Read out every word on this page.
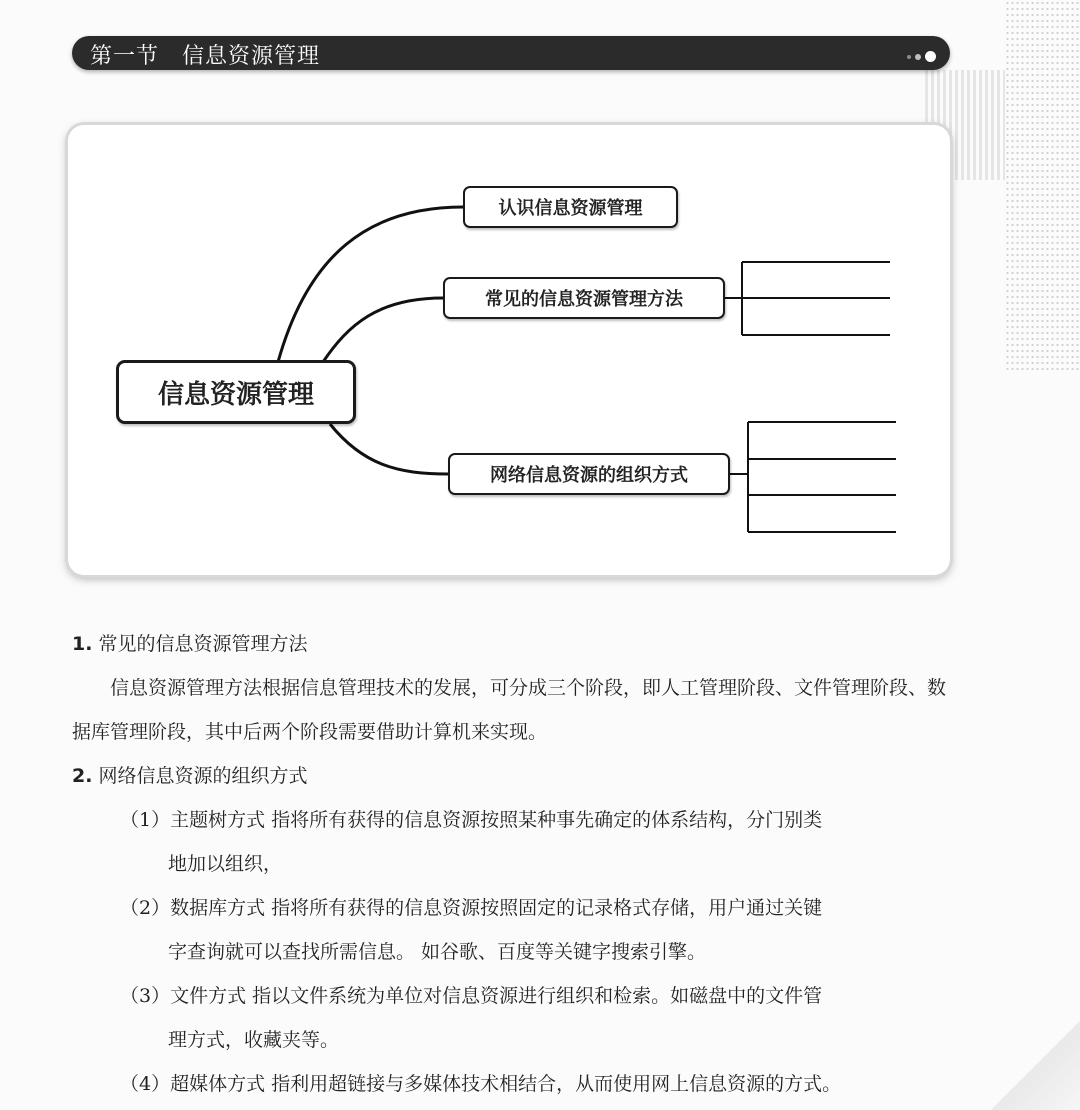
第一节　信息资源管理
信息资源管理
认识信息资源管理
常见的信息资源管理方法
网络信息资源的组织方式

1. 常见的信息资源管理方法

信息资源管理方法根据信息管理技术的发展，可分成三个阶段，即人工管理阶段、文件管理阶段、数据库管理阶段，其中后两个阶段需要借助计算机来实现。

2. 网络信息资源的组织方式

（1）主题树方式 指将所有获得的信息资源按照某种事先确定的体系结构，分门别类

地加以组织，

（2）数据库方式 指将所有获得的信息资源按照固定的记录格式存储，用户通过关键

字查询就可以查找所需信息。 如谷歌、百度等关键字搜索引擎。

（3）文件方式 指以文件系统为单位对信息资源进行组织和检索。如磁盘中的文件管

理方式，收藏夹等。

（4）超媒体方式 指利用超链接与多媒体技术相结合，从而使用网上信息资源的方式。
